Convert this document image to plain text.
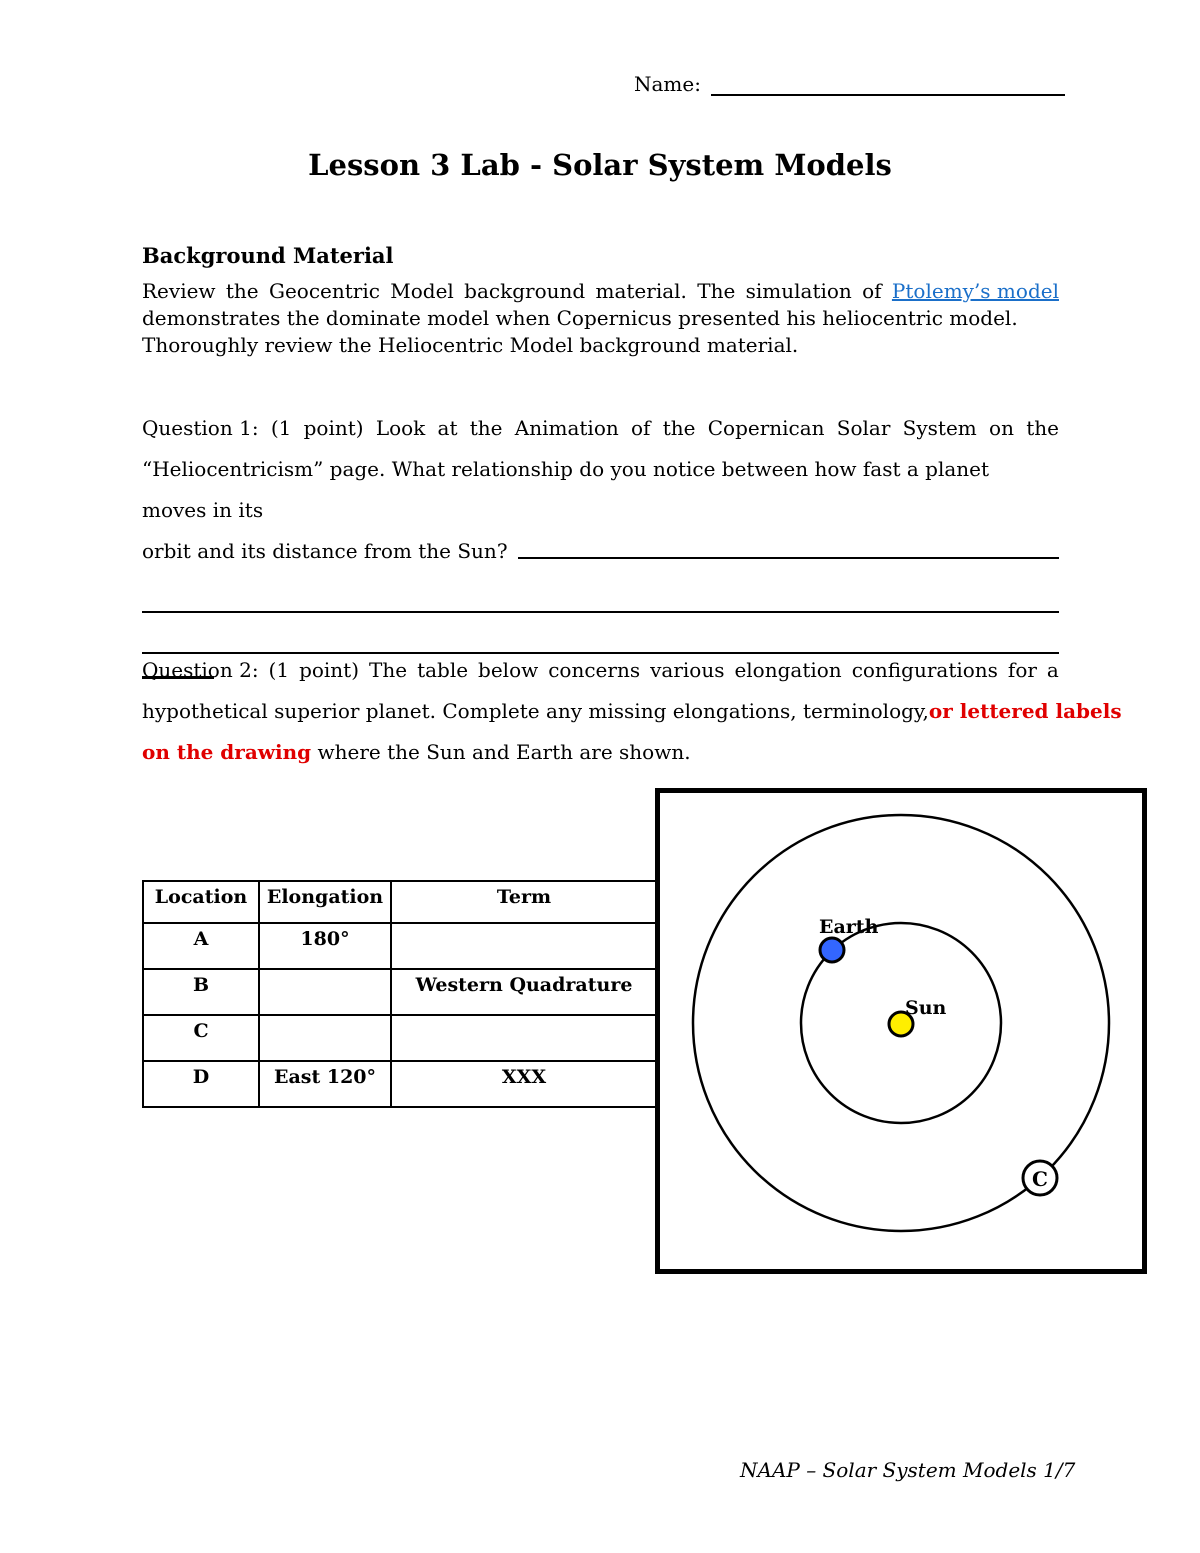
Name:
Lesson 3 Lab - Solar System Models
Background Material
Review the Geocentric Model background material. The simulation of Ptolemy’s model
demonstrates the dominate model when Copernicus presented his heliocentric model. Thoroughly review the Heliocentric Model background material.
Question 1: (1 point) Look at the Animation of the Copernican Solar System on the
“Heliocentricism” page. What relationship do you notice between how fast a planet moves in its
orbit and its distance from the Sun?
Question 2: (1 point) The table below concerns various elongation configurations for a
hypothetical superior planet. Complete any missing elongations, terminology, or lettered labels
on the drawing where the Sun and Earth are shown.
Location	Elongation	Term
A	180°	
B		Western Quadrature
C		
D	East 120°	XXX
Sun
Earth
C
NAAP – Solar System Models 1/7
